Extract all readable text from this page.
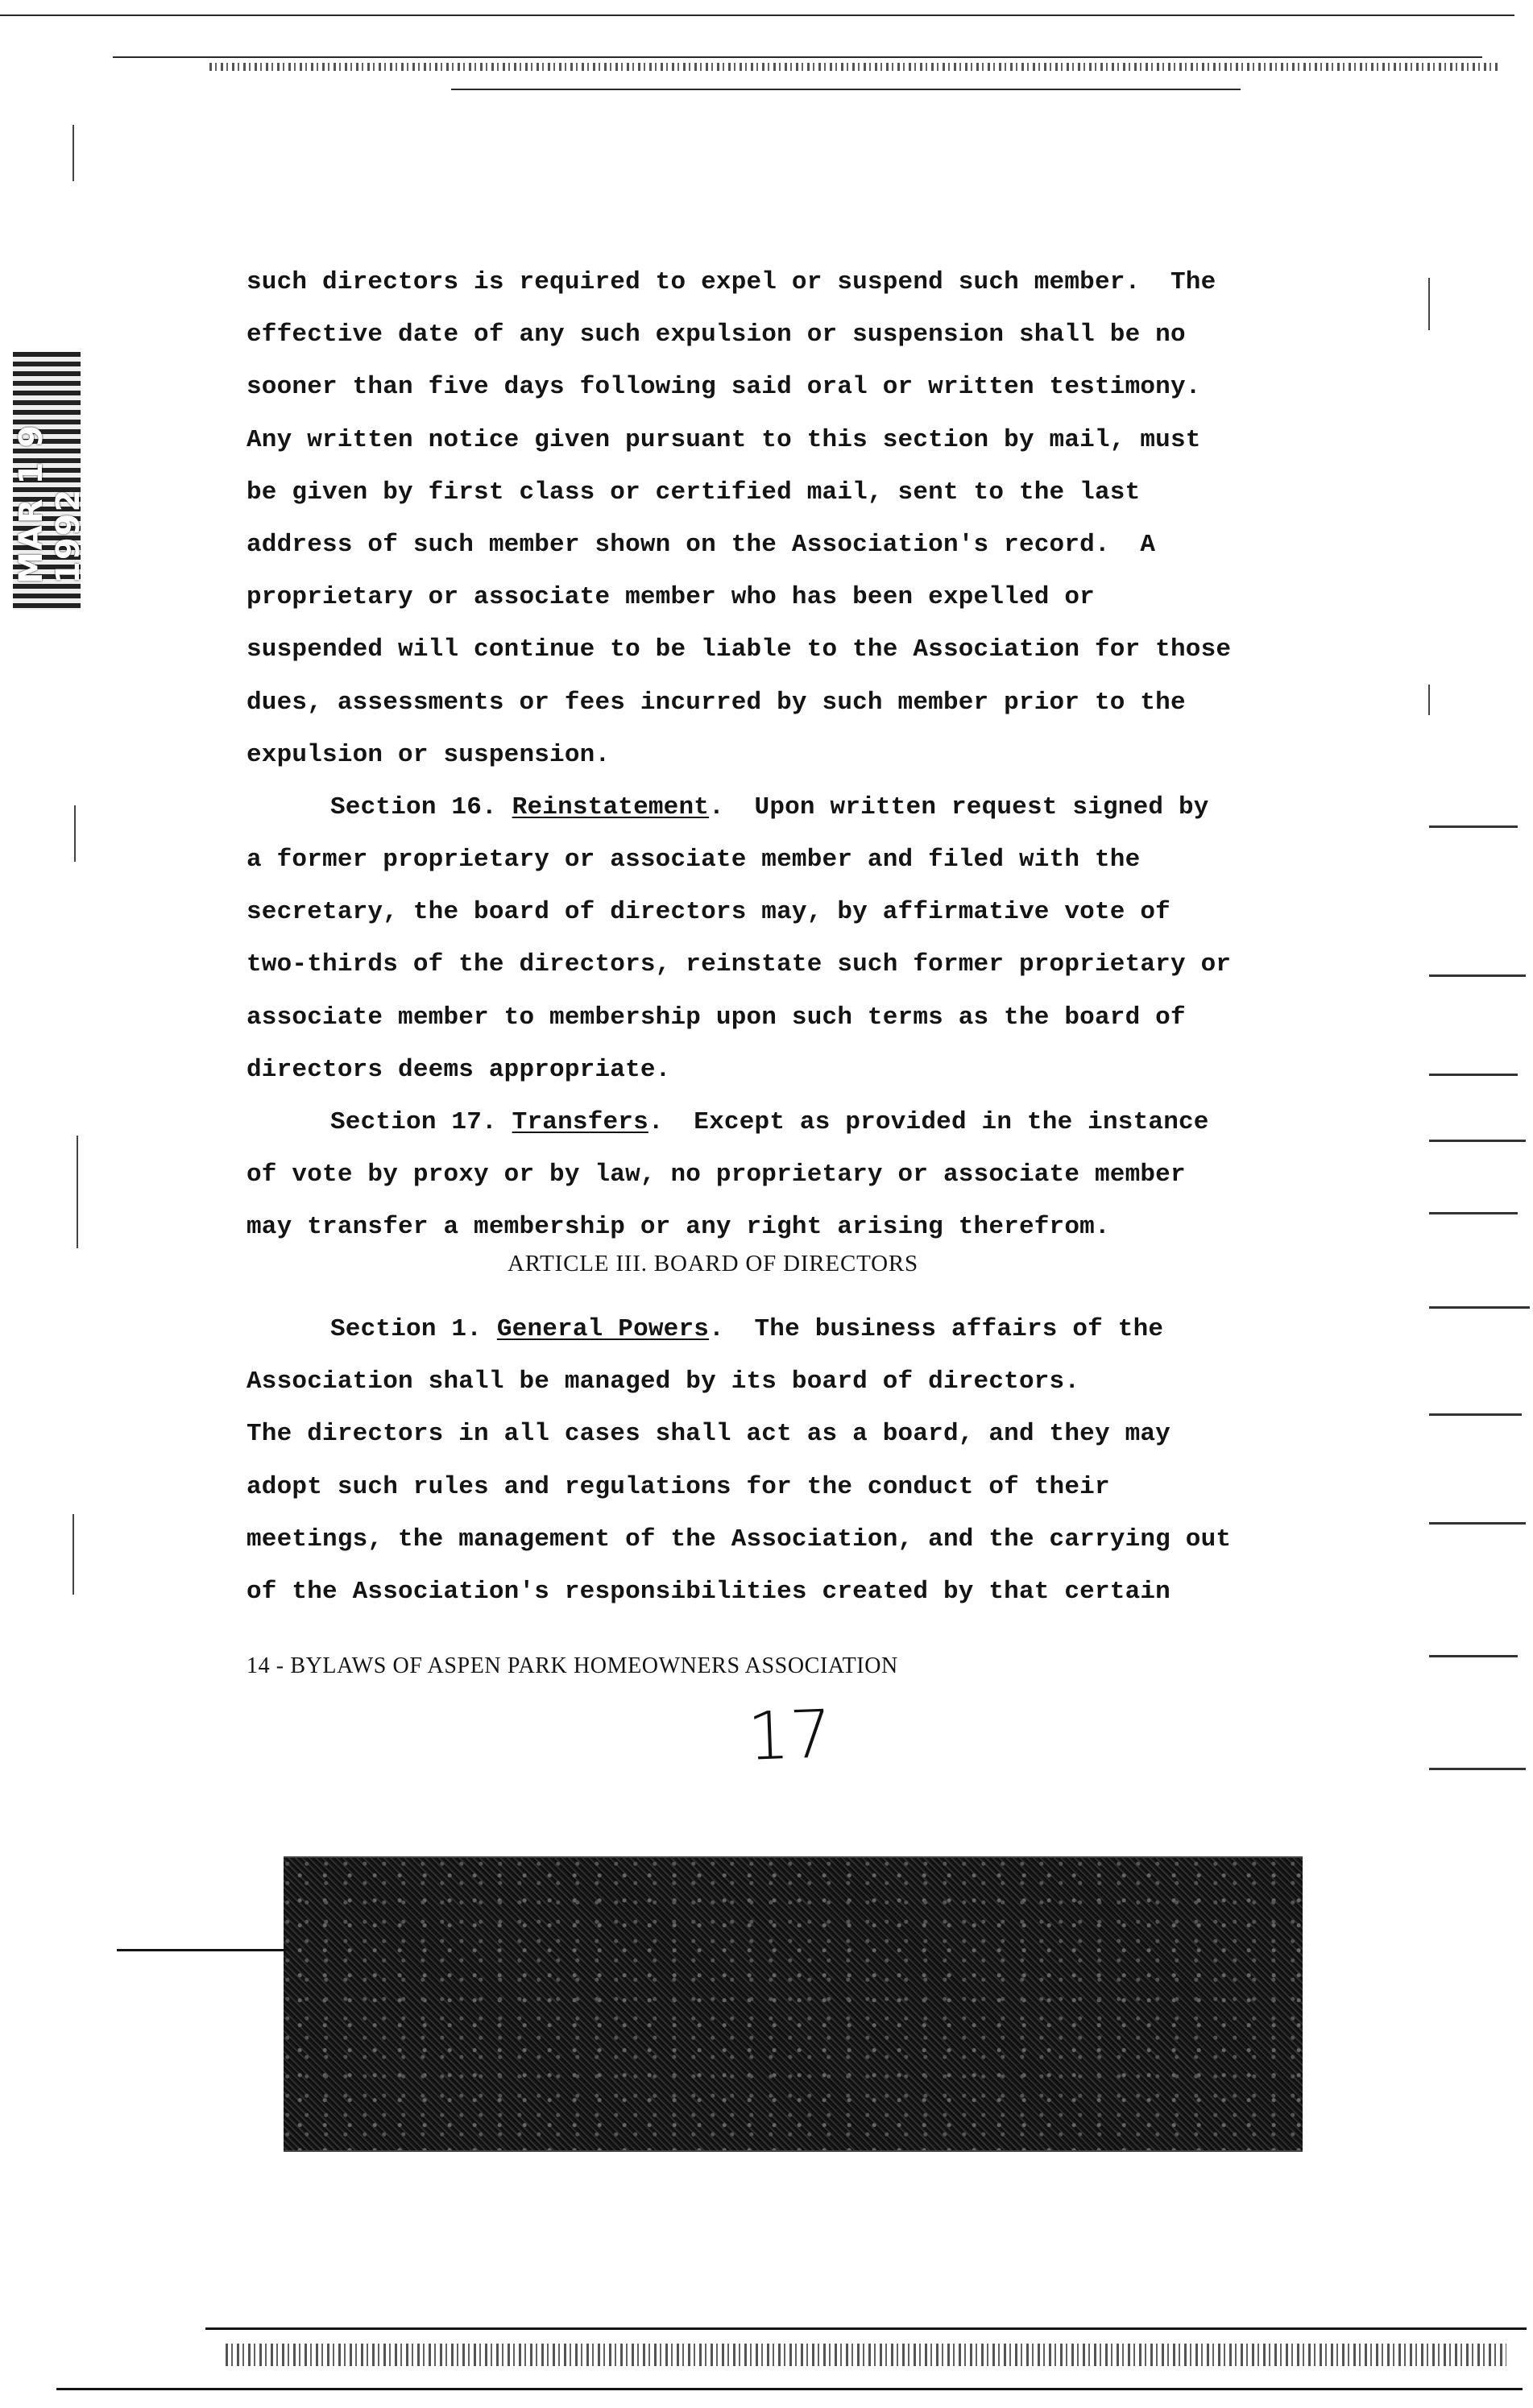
MAR 1 9 1992
such directors is required to expel or suspend such member.  The
effective date of any such expulsion or suspension shall be no
sooner than five days following said oral or written testimony.
Any written notice given pursuant to this section by mail, must
be given by first class or certified mail, sent to the last
address of such member shown on the Association's record.  A
proprietary or associate member who has been expelled or
suspended will continue to be liable to the Association for those
dues, assessments or fees incurred by such member prior to the
expulsion or suspension.
Section 16. Reinstatement.  Upon written request signed by
a former proprietary or associate member and filed with the
secretary, the board of directors may, by affirmative vote of
two-thirds of the directors, reinstate such former proprietary or
associate member to membership upon such terms as the board of
directors deems appropriate.
Section 17. Transfers.  Except as provided in the instance
of vote by proxy or by law, no proprietary or associate member
may transfer a membership or any right arising therefrom.
ARTICLE III. BOARD OF DIRECTORS
Section 1. General Powers.  The business affairs of the
Association shall be managed by its board of directors.
The directors in all cases shall act as a board, and they may
adopt such rules and regulations for the conduct of their
meetings, the management of the Association, and the carrying out
of the Association's responsibilities created by that certain
14 - BYLAWS OF ASPEN PARK HOMEOWNERS ASSOCIATION
17
